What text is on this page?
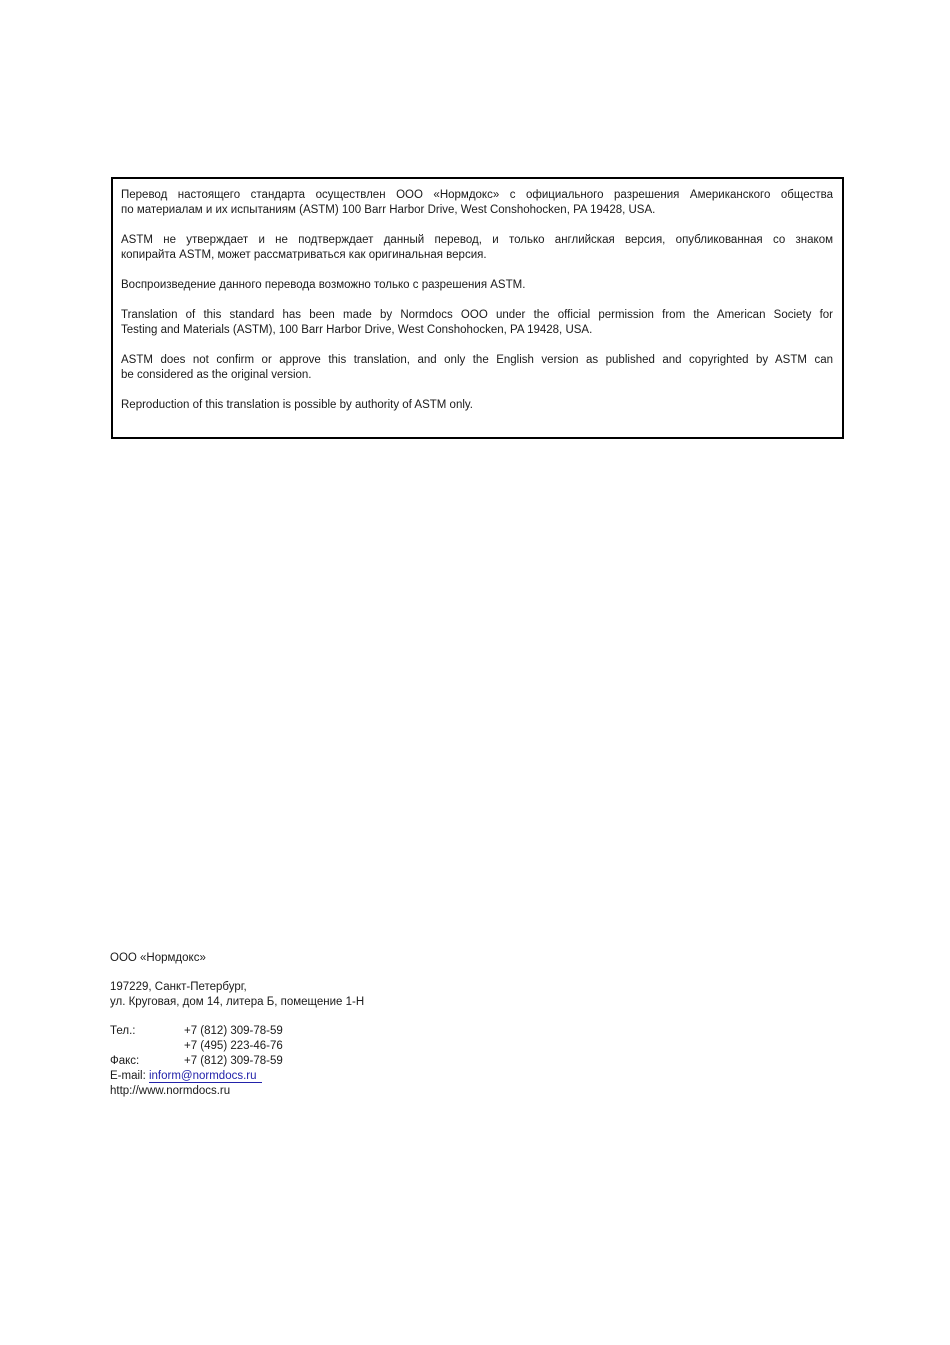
Перевод настоящего стандарта осуществлен ООО «Нормдокс» с официального разрешения Американского общества
по материалам и их испытаниям (ASTM) 100 Barr Harbor Drive, West Conshohocken, PA 19428, USA.
ASTM не утверждает и не подтверждает данный перевод, и только английская версия, опубликованная со знаком
копирайта ASTM, может рассматриваться как оригинальная версия.
Воспроизведение данного перевода возможно только с разрешения ASTM.
Translation of this standard has been made by Normdocs OOO under the official permission from the American Society for
Testing and Materials (ASTM), 100 Barr Harbor Drive, West Conshohocken, PA 19428, USA.
ASTM does not confirm or approve this translation, and only the English version as published and copyrighted by ASTM can
be considered as the original version.
Reproduction of this translation is possible by authority of ASTM only.
ООО «Нормдокс»
197229, Санкт-Петербург,
ул. Круговая, дом 14, литера Б, помещение 1-Н
Тел.:	+7 (812) 309-78-59
+7 (495) 223-46-76
Факс:	+7 (812) 309-78-59
E-mail: inform@normdocs.ru
http://www.normdocs.ru
